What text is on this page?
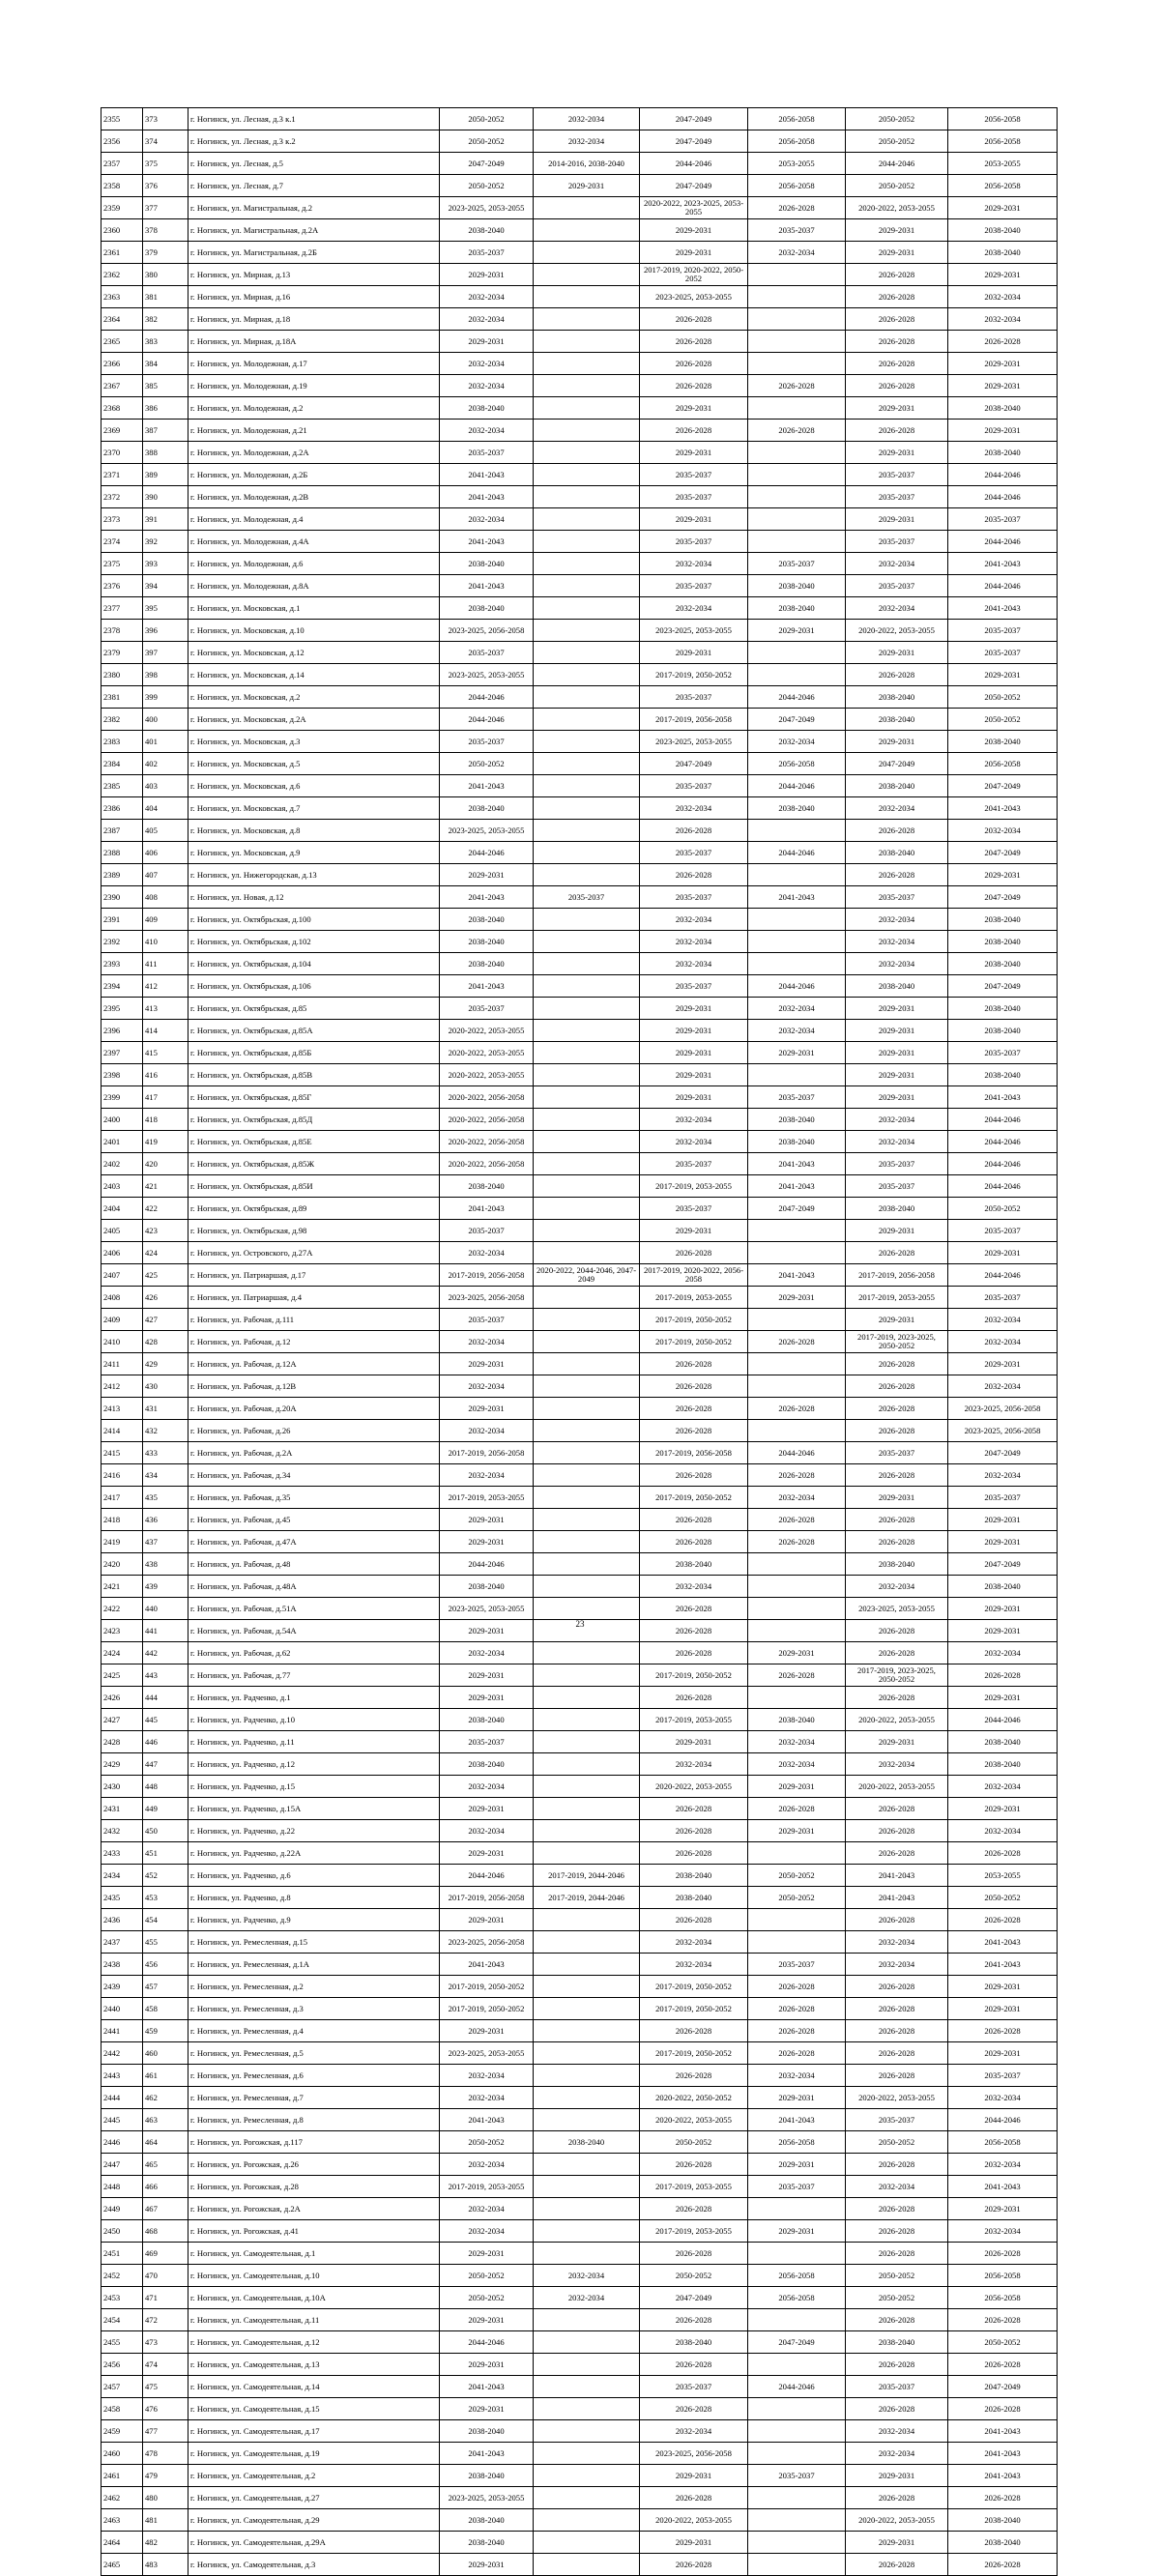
2355	373	г. Ногинск, ул. Лесная, д.3 к.1	2050-2052	2032-2034	2047-2049	2056-2058	2050-2052	2056-2058
2356	374	г. Ногинск, ул. Лесная, д.3 к.2	2050-2052	2032-2034	2047-2049	2056-2058	2050-2052	2056-2058
2357	375	г. Ногинск, ул. Лесная, д.5	2047-2049	2014-2016, 2038-2040	2044-2046	2053-2055	2044-2046	2053-2055
2358	376	г. Ногинск, ул. Лесная, д.7	2050-2052	2029-2031	2047-2049	2056-2058	2050-2052	2056-2058
2359	377	г. Ногинск, ул. Магистральная, д.2	2023-2025, 2053-2055		2020-2022, 2023-2025, 2053-2055	2026-2028	2020-2022, 2053-2055	2029-2031
2360	378	г. Ногинск, ул. Магистральная, д.2А	2038-2040		2029-2031	2035-2037	2029-2031	2038-2040
2361	379	г. Ногинск, ул. Магистральная, д.2Б	2035-2037		2029-2031	2032-2034	2029-2031	2038-2040
2362	380	г. Ногинск, ул. Мирная, д.13	2029-2031		2017-2019, 2020-2022, 2050-2052		2026-2028	2029-2031
2363	381	г. Ногинск, ул. Мирная, д.16	2032-2034		2023-2025, 2053-2055		2026-2028	2032-2034
2364	382	г. Ногинск, ул. Мирная, д.18	2032-2034		2026-2028		2026-2028	2032-2034
2365	383	г. Ногинск, ул. Мирная, д.18А	2029-2031		2026-2028		2026-2028	2026-2028
2366	384	г. Ногинск, ул. Молодежная, д.17	2032-2034		2026-2028		2026-2028	2029-2031
2367	385	г. Ногинск, ул. Молодежная, д.19	2032-2034		2026-2028	2026-2028	2026-2028	2029-2031
2368	386	г. Ногинск, ул. Молодежная, д.2	2038-2040		2029-2031		2029-2031	2038-2040
2369	387	г. Ногинск, ул. Молодежная, д.21	2032-2034		2026-2028	2026-2028	2026-2028	2029-2031
2370	388	г. Ногинск, ул. Молодежная, д.2А	2035-2037		2029-2031		2029-2031	2038-2040
2371	389	г. Ногинск, ул. Молодежная, д.2Б	2041-2043		2035-2037		2035-2037	2044-2046
2372	390	г. Ногинск, ул. Молодежная, д.2В	2041-2043		2035-2037		2035-2037	2044-2046
2373	391	г. Ногинск, ул. Молодежная, д.4	2032-2034		2029-2031		2029-2031	2035-2037
2374	392	г. Ногинск, ул. Молодежная, д.4А	2041-2043		2035-2037		2035-2037	2044-2046
2375	393	г. Ногинск, ул. Молодежная, д.6	2038-2040		2032-2034	2035-2037	2032-2034	2041-2043
2376	394	г. Ногинск, ул. Молодежная, д.8А	2041-2043		2035-2037	2038-2040	2035-2037	2044-2046
2377	395	г. Ногинск, ул. Московская, д.1	2038-2040		2032-2034	2038-2040	2032-2034	2041-2043
2378	396	г. Ногинск, ул. Московская, д.10	2023-2025, 2056-2058		2023-2025, 2053-2055	2029-2031	2020-2022, 2053-2055	2035-2037
2379	397	г. Ногинск, ул. Московская, д.12	2035-2037		2029-2031		2029-2031	2035-2037
2380	398	г. Ногинск, ул. Московская, д.14	2023-2025, 2053-2055		2017-2019, 2050-2052		2026-2028	2029-2031
2381	399	г. Ногинск, ул. Московская, д.2	2044-2046		2035-2037	2044-2046	2038-2040	2050-2052
2382	400	г. Ногинск, ул. Московская, д.2А	2044-2046		2017-2019, 2056-2058	2047-2049	2038-2040	2050-2052
2383	401	г. Ногинск, ул. Московская, д.3	2035-2037		2023-2025, 2053-2055	2032-2034	2029-2031	2038-2040
2384	402	г. Ногинск, ул. Московская, д.5	2050-2052		2047-2049	2056-2058	2047-2049	2056-2058
2385	403	г. Ногинск, ул. Московская, д.6	2041-2043		2035-2037	2044-2046	2038-2040	2047-2049
2386	404	г. Ногинск, ул. Московская, д.7	2038-2040		2032-2034	2038-2040	2032-2034	2041-2043
2387	405	г. Ногинск, ул. Московская, д.8	2023-2025, 2053-2055		2026-2028		2026-2028	2032-2034
2388	406	г. Ногинск, ул. Московская, д.9	2044-2046		2035-2037	2044-2046	2038-2040	2047-2049
2389	407	г. Ногинск, ул. Нижегородская, д.13	2029-2031		2026-2028		2026-2028	2029-2031
2390	408	г. Ногинск, ул. Новая, д.12	2041-2043	2035-2037	2035-2037	2041-2043	2035-2037	2047-2049
2391	409	г. Ногинск, ул. Октябрьская, д.100	2038-2040		2032-2034		2032-2034	2038-2040
2392	410	г. Ногинск, ул. Октябрьская, д.102	2038-2040		2032-2034		2032-2034	2038-2040
2393	411	г. Ногинск, ул. Октябрьская, д.104	2038-2040		2032-2034		2032-2034	2038-2040
2394	412	г. Ногинск, ул. Октябрьская, д.106	2041-2043		2035-2037	2044-2046	2038-2040	2047-2049
2395	413	г. Ногинск, ул. Октябрьская, д.85	2035-2037		2029-2031	2032-2034	2029-2031	2038-2040
2396	414	г. Ногинск, ул. Октябрьская, д.85А	2020-2022, 2053-2055		2029-2031	2032-2034	2029-2031	2038-2040
2397	415	г. Ногинск, ул. Октябрьская, д.85Б	2020-2022, 2053-2055		2029-2031	2029-2031	2029-2031	2035-2037
2398	416	г. Ногинск, ул. Октябрьская, д.85В	2020-2022, 2053-2055		2029-2031		2029-2031	2038-2040
2399	417	г. Ногинск, ул. Октябрьская, д.85Г	2020-2022, 2056-2058		2029-2031	2035-2037	2029-2031	2041-2043
2400	418	г. Ногинск, ул. Октябрьская, д.85Д	2020-2022, 2056-2058		2032-2034	2038-2040	2032-2034	2044-2046
2401	419	г. Ногинск, ул. Октябрьская, д.85Е	2020-2022, 2056-2058		2032-2034	2038-2040	2032-2034	2044-2046
2402	420	г. Ногинск, ул. Октябрьская, д.85Ж	2020-2022, 2056-2058		2035-2037	2041-2043	2035-2037	2044-2046
2403	421	г. Ногинск, ул. Октябрьская, д.85И	2038-2040		2017-2019, 2053-2055	2041-2043	2035-2037	2044-2046
2404	422	г. Ногинск, ул. Октябрьская, д.89	2041-2043		2035-2037	2047-2049	2038-2040	2050-2052
2405	423	г. Ногинск, ул. Октябрьская, д.98	2035-2037		2029-2031		2029-2031	2035-2037
2406	424	г. Ногинск, ул. Островского, д.27А	2032-2034		2026-2028		2026-2028	2029-2031
2407	425	г. Ногинск, ул. Патриаршая, д.17	2017-2019, 2056-2058	2020-2022, 2044-2046, 2047-2049	2017-2019, 2020-2022, 2056-2058	2041-2043	2017-2019, 2056-2058	2044-2046
2408	426	г. Ногинск, ул. Патриаршая, д.4	2023-2025, 2056-2058		2017-2019, 2053-2055	2029-2031	2017-2019, 2053-2055	2035-2037
2409	427	г. Ногинск, ул. Рабочая, д.111	2035-2037		2017-2019, 2050-2052		2029-2031	2032-2034
2410	428	г. Ногинск, ул. Рабочая, д.12	2032-2034		2017-2019, 2050-2052	2026-2028	2017-2019, 2023-2025, 2050-2052	2032-2034
2411	429	г. Ногинск, ул. Рабочая, д.12А	2029-2031		2026-2028		2026-2028	2029-2031
2412	430	г. Ногинск, ул. Рабочая, д.12В	2032-2034		2026-2028		2026-2028	2032-2034
2413	431	г. Ногинск, ул. Рабочая, д.20А	2029-2031		2026-2028	2026-2028	2026-2028	2023-2025, 2056-2058
2414	432	г. Ногинск, ул. Рабочая, д.26	2032-2034		2026-2028		2026-2028	2023-2025, 2056-2058
2415	433	г. Ногинск, ул. Рабочая, д.2А	2017-2019, 2056-2058		2017-2019, 2056-2058	2044-2046	2035-2037	2047-2049
2416	434	г. Ногинск, ул. Рабочая, д.34	2032-2034		2026-2028	2026-2028	2026-2028	2032-2034
2417	435	г. Ногинск, ул. Рабочая, д.35	2017-2019, 2053-2055		2017-2019, 2050-2052	2032-2034	2029-2031	2035-2037
2418	436	г. Ногинск, ул. Рабочая, д.45	2029-2031		2026-2028	2026-2028	2026-2028	2029-2031
2419	437	г. Ногинск, ул. Рабочая, д.47А	2029-2031		2026-2028	2026-2028	2026-2028	2029-2031
2420	438	г. Ногинск, ул. Рабочая, д.48	2044-2046		2038-2040		2038-2040	2047-2049
2421	439	г. Ногинск, ул. Рабочая, д.48А	2038-2040		2032-2034		2032-2034	2038-2040
2422	440	г. Ногинск, ул. Рабочая, д.51А	2023-2025, 2053-2055		2026-2028		2023-2025, 2053-2055	2029-2031
2423	441	г. Ногинск, ул. Рабочая, д.54А	2029-2031		2026-2028		2026-2028	2029-2031
2424	442	г. Ногинск, ул. Рабочая, д.62	2032-2034		2026-2028	2029-2031	2026-2028	2032-2034
2425	443	г. Ногинск, ул. Рабочая, д.77	2029-2031		2017-2019, 2050-2052	2026-2028	2017-2019, 2023-2025, 2050-2052	2026-2028
2426	444	г. Ногинск, ул. Радченко, д.1	2029-2031		2026-2028		2026-2028	2029-2031
2427	445	г. Ногинск, ул. Радченко, д.10	2038-2040		2017-2019, 2053-2055	2038-2040	2020-2022, 2053-2055	2044-2046
2428	446	г. Ногинск, ул. Радченко, д.11	2035-2037		2029-2031	2032-2034	2029-2031	2038-2040
2429	447	г. Ногинск, ул. Радченко, д.12	2038-2040		2032-2034	2032-2034	2032-2034	2038-2040
2430	448	г. Ногинск, ул. Радченко, д.15	2032-2034		2020-2022, 2053-2055	2029-2031	2020-2022, 2053-2055	2032-2034
2431	449	г. Ногинск, ул. Радченко, д.15А	2029-2031		2026-2028	2026-2028	2026-2028	2029-2031
2432	450	г. Ногинск, ул. Радченко, д.22	2032-2034		2026-2028	2029-2031	2026-2028	2032-2034
2433	451	г. Ногинск, ул. Радченко, д.22А	2029-2031		2026-2028		2026-2028	2026-2028
2434	452	г. Ногинск, ул. Радченко, д.6	2044-2046	2017-2019, 2044-2046	2038-2040	2050-2052	2041-2043	2053-2055
2435	453	г. Ногинск, ул. Радченко, д.8	2017-2019, 2056-2058	2017-2019, 2044-2046	2038-2040	2050-2052	2041-2043	2050-2052
2436	454	г. Ногинск, ул. Радченко, д.9	2029-2031		2026-2028		2026-2028	2026-2028
2437	455	г. Ногинск, ул. Ремесленная, д.15	2023-2025, 2056-2058		2032-2034		2032-2034	2041-2043
2438	456	г. Ногинск, ул. Ремесленная, д.1А	2041-2043		2032-2034	2035-2037	2032-2034	2041-2043
2439	457	г. Ногинск, ул. Ремесленная, д.2	2017-2019, 2050-2052		2017-2019, 2050-2052	2026-2028	2026-2028	2029-2031
2440	458	г. Ногинск, ул. Ремесленная, д.3	2017-2019, 2050-2052		2017-2019, 2050-2052	2026-2028	2026-2028	2029-2031
2441	459	г. Ногинск, ул. Ремесленная, д.4	2029-2031		2026-2028	2026-2028	2026-2028	2026-2028
2442	460	г. Ногинск, ул. Ремесленная, д.5	2023-2025, 2053-2055		2017-2019, 2050-2052	2026-2028	2026-2028	2029-2031
2443	461	г. Ногинск, ул. Ремесленная, д.6	2032-2034		2026-2028	2032-2034	2026-2028	2035-2037
2444	462	г. Ногинск, ул. Ремесленная, д.7	2032-2034		2020-2022, 2050-2052	2029-2031	2020-2022, 2053-2055	2032-2034
2445	463	г. Ногинск, ул. Ремесленная, д.8	2041-2043		2020-2022, 2053-2055	2041-2043	2035-2037	2044-2046
2446	464	г. Ногинск, ул. Рогожская, д.117	2050-2052	2038-2040	2050-2052	2056-2058	2050-2052	2056-2058
2447	465	г. Ногинск, ул. Рогожская, д.26	2032-2034		2026-2028	2029-2031	2026-2028	2032-2034
2448	466	г. Ногинск, ул. Рогожская, д.28	2017-2019, 2053-2055		2017-2019, 2053-2055	2035-2037	2032-2034	2041-2043
2449	467	г. Ногинск, ул. Рогожская, д.2А	2032-2034		2026-2028		2026-2028	2029-2031
2450	468	г. Ногинск, ул. Рогожская, д.41	2032-2034		2017-2019, 2053-2055	2029-2031	2026-2028	2032-2034
2451	469	г. Ногинск, ул. Самодеятельная, д.1	2029-2031		2026-2028		2026-2028	2026-2028
2452	470	г. Ногинск, ул. Самодеятельная, д.10	2050-2052	2032-2034	2050-2052	2056-2058	2050-2052	2056-2058
2453	471	г. Ногинск, ул. Самодеятельная, д.10А	2050-2052	2032-2034	2047-2049	2056-2058	2050-2052	2056-2058
2454	472	г. Ногинск, ул. Самодеятельная, д.11	2029-2031		2026-2028		2026-2028	2026-2028
2455	473	г. Ногинск, ул. Самодеятельная, д.12	2044-2046		2038-2040	2047-2049	2038-2040	2050-2052
2456	474	г. Ногинск, ул. Самодеятельная, д.13	2029-2031		2026-2028		2026-2028	2026-2028
2457	475	г. Ногинск, ул. Самодеятельная, д.14	2041-2043		2035-2037	2044-2046	2035-2037	2047-2049
2458	476	г. Ногинск, ул. Самодеятельная, д.15	2029-2031		2026-2028		2026-2028	2026-2028
2459	477	г. Ногинск, ул. Самодеятельная, д.17	2038-2040		2032-2034		2032-2034	2041-2043
2460	478	г. Ногинск, ул. Самодеятельная, д.19	2041-2043		2023-2025, 2056-2058		2032-2034	2041-2043
2461	479	г. Ногинск, ул. Самодеятельная, д.2	2038-2040		2029-2031	2035-2037	2029-2031	2041-2043
2462	480	г. Ногинск, ул. Самодеятельная, д.27	2023-2025, 2053-2055		2026-2028		2026-2028	2026-2028
2463	481	г. Ногинск, ул. Самодеятельная, д.29	2038-2040		2020-2022, 2053-2055		2020-2022, 2053-2055	2038-2040
2464	482	г. Ногинск, ул. Самодеятельная, д.29А	2038-2040		2029-2031		2029-2031	2038-2040
2465	483	г. Ногинск, ул. Самодеятельная, д.3	2029-2031		2026-2028		2026-2028	2026-2028
23
